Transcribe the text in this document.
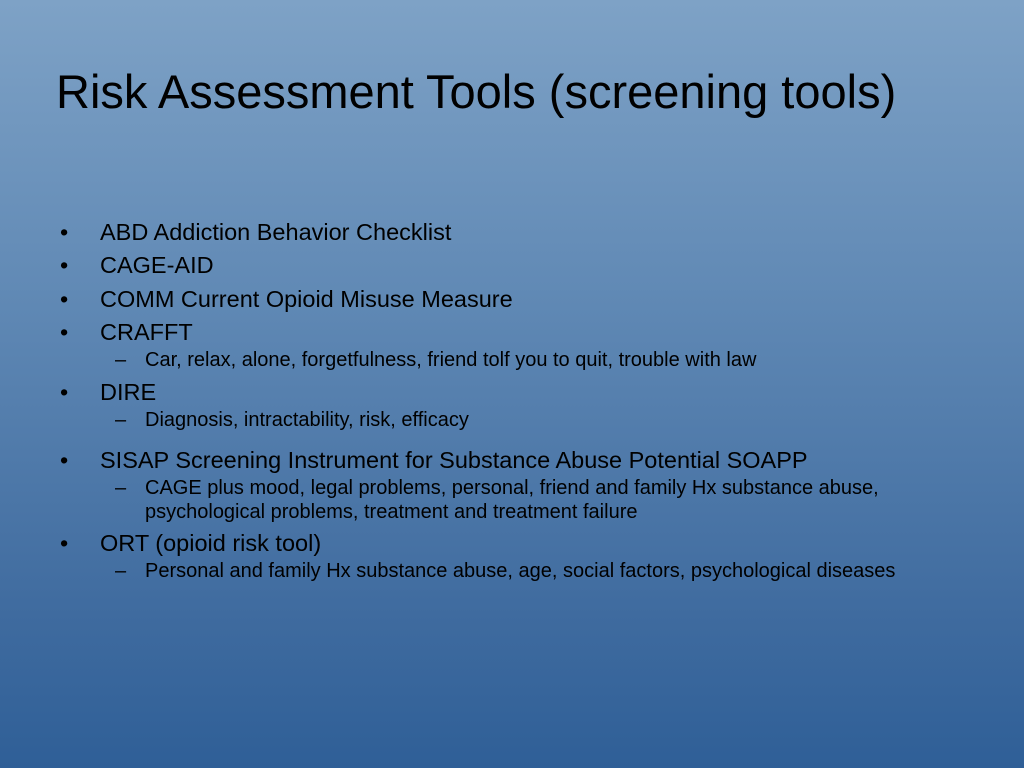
Risk Assessment Tools (screening tools)
• ABD Addiction Behavior Checklist
• CAGE-AID
• COMM Current Opioid Misuse Measure
• CRAFFT
– Car, relax, alone, forgetfulness, friend tolf you to quit, trouble with law
• DIRE
– Diagnosis, intractability, risk, efficacy
• SISAP Screening Instrument for Substance Abuse Potential SOAPP
– CAGE plus mood, legal problems, personal, friend and family Hx substance abuse, psychological problems, treatment and treatment failure
• ORT (opioid risk tool)
– Personal and family Hx substance abuse, age, social factors, psychological diseases
